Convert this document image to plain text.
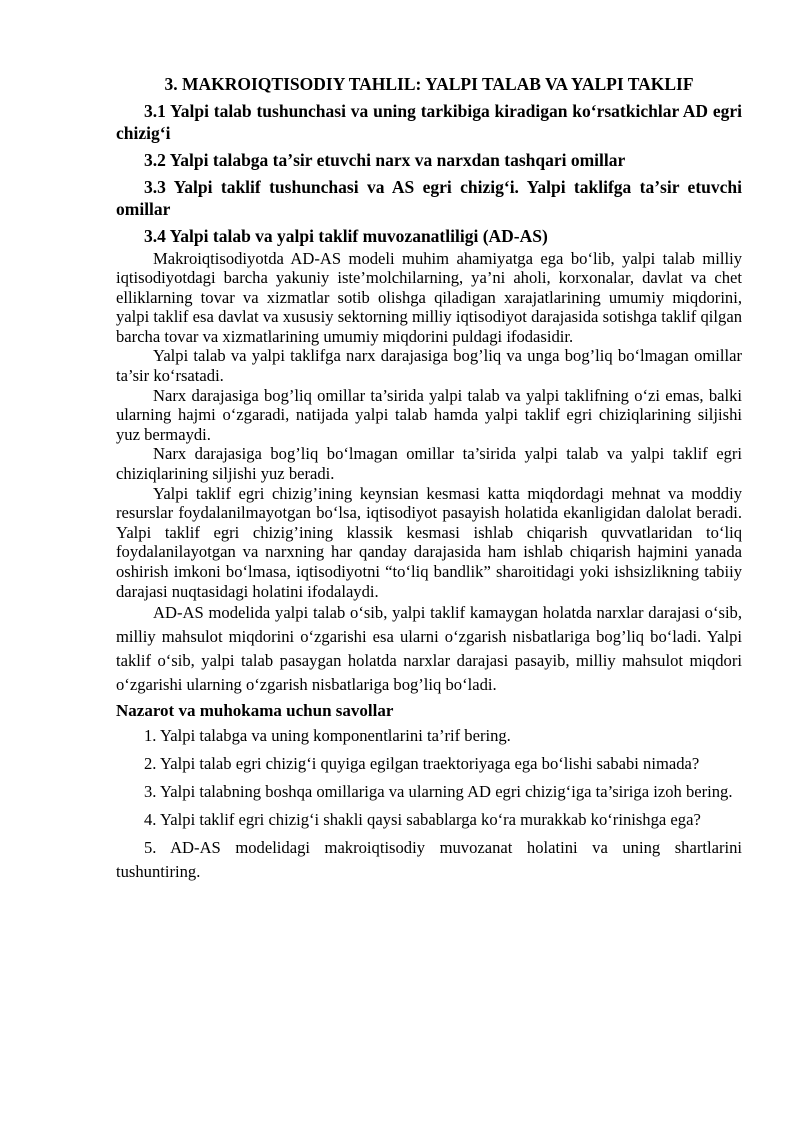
3. MAKROIQTISODIY TAHLIL: YALPI TALAB VA YALPI TAKLIF

3.1 Yalpi talab tushunchasi va uning tarkibiga kiradigan koʻrsatkichlar AD egri chizigʻi

3.2 Yalpi talabga taʼsir etuvchi narx va narxdan tashqari omillar

3.3 Yalpi taklif tushunchasi va AS egri chizigʻi. Yalpi taklifga taʼsir etuvchi omillar

3.4 Yalpi talab va yalpi taklif muvozanatliligi (AD-AS)

Makroiqtisodiyotda AD-AS modeli muhim ahamiyatga ega bo‘lib, yalpi talab milliy iqtisodiyotdagi barcha yakuniy iste’molchilarning, ya’ni aholi, korxonalar, davlat va chet elliklarning tovar va xizmatlar sotib olishga qiladigan xarajatlarining umumiy miqdorini, yalpi taklif esa davlat va xususiy sektorning milliy iqtisodiyot darajasida sotishga taklif qilgan barcha tovar va xizmatlarining umumiy miqdorini puldagi ifodasidir.

Yalpi talab va yalpi taklifga narx darajasiga bog’liq va unga bog’liq bo‘lmagan omillar ta’sir ko‘rsatadi.

Narx darajasiga bog’liq omillar ta’sirida yalpi talab va yalpi taklifning o‘zi emas, balki ularning hajmi o‘zgaradi, natijada yalpi talab hamda yalpi taklif egri chiziqlarining siljishi yuz bermaydi.

Narx darajasiga bog’liq bo‘lmagan omillar ta’sirida yalpi talab va yalpi taklif egri chiziqlarining siljishi yuz beradi.

Yalpi taklif egri chizig’ining keynsian kesmasi katta miqdordagi mehnat va moddiy resurslar foydalanilmayotgan bo‘lsa, iqtisodiyot pasayish holatida ekanligidan dalolat beradi. Yalpi taklif egri chizig’ining klassik kesmasi ishlab chiqarish quvvatlaridan to‘liq foydalanilayotgan va narxning har qanday darajasida ham ishlab chiqarish hajmini yanada oshirish imkoni bo‘lmasa, iqtisodiyotni “to‘liq bandlik” sharoitidagi yoki ishsizlikning tabiiy darajasi nuqtasidagi holatini ifodalaydi.

AD-AS modelida yalpi talab o‘sib, yalpi taklif kamaygan holatda narxlar darajasi o‘sib, milliy mahsulot miqdorini o‘zgarishi esa ularni o‘zgarish nisbatlariga bog’liq bo‘ladi. Yalpi taklif o‘sib, yalpi talab pasaygan holatda narxlar darajasi pasayib, milliy mahsulot miqdori o‘zgarishi ularning o‘zgarish nisbatlariga bog’liq bo‘ladi.

Nazarot va muhokama uchun savollar

1. Yalpi talabga va uning komponentlarini ta’rif bering.

2. Yalpi talab egri chizig‘i quyiga egilgan traektoriyaga ega bo‘lishi sababi nimada?

3. Yalpi talabning boshqa omillariga va ularning AD egri chizig‘iga ta’siriga izoh bering.

4. Yalpi taklif egri chizig‘i shakli qaysi sabablarga ko‘ra murakkab ko‘rinishga ega?

5. AD-AS modelidagi makroiqtisodiy muvozanat holatini va uning shartlarini tushuntiring.
